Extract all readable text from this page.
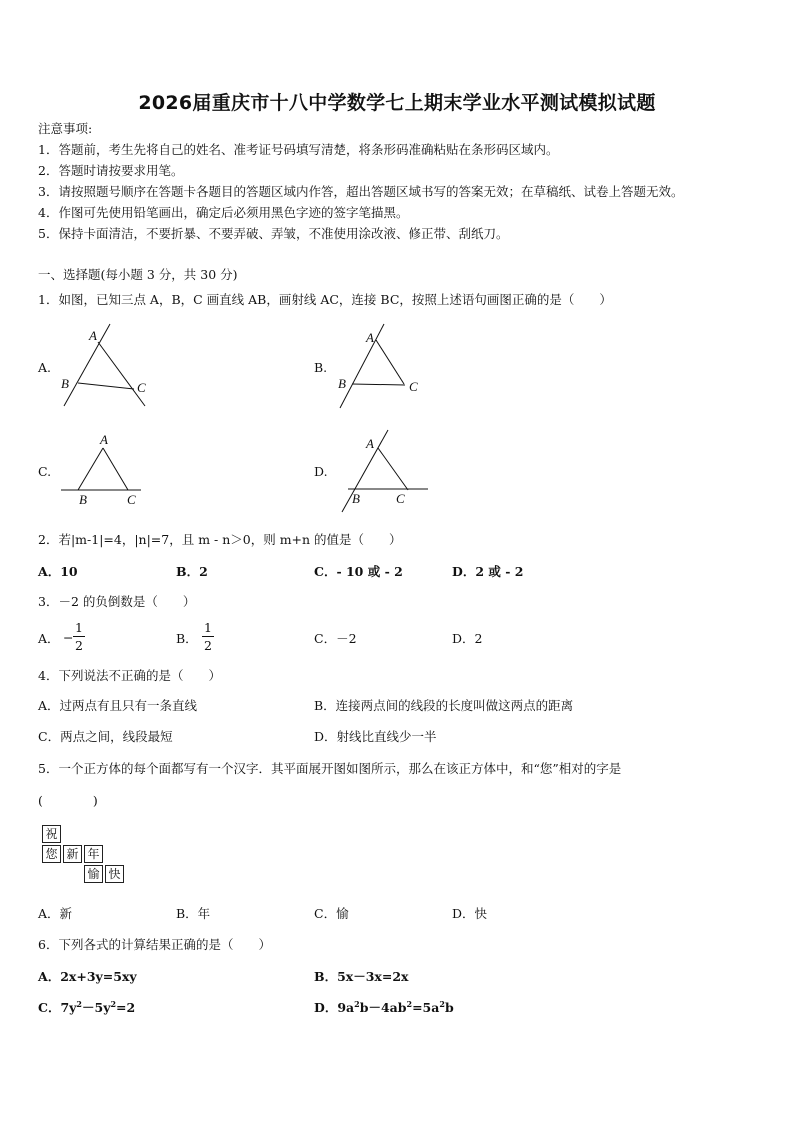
2026届重庆市十八中学数学七上期末学业水平测试模拟试题
注意事项:
1．答题前，考生先将自己的姓名、准考证号码填写清楚，将条形码准确粘贴在条形码区域内。
2．答题时请按要求用笔。
3．请按照题号顺序在答题卡各题目的答题区域内作答，超出答题区域书写的答案无效；在草稿纸、试卷上答题无效。
4．作图可先使用铅笔画出，确定后必须用黑色字迹的签字笔描黑。
5．保持卡面清洁，不要折暴、不要弄破、弄皱，不准使用涂改液、修正带、刮纸刀。
一、选择题(每小题 3 分，共 30 分)
1．如图，已知三点 A，B，C 画直线 AB，画射线 AC，连接 BC，按照上述语句画图正确的是（　　）
A.
A
B	C
B.
A
B	C
C.
A
B	C
D.
A
B	C
2．若|m-1|=4，|n|=7，且 m - n＞0，则 m+n 的值是（　　）
A．10	B．2	C．- 10 或 - 2	D．2 或 - 2
3．－2 的负倒数是（　　）
A． −
1
2	B．
1
2	C．－2	D．2
4．下列说法不正确的是（　　）
A．过两点有且只有一条直线	B．连接两点间的线段的长度叫做这两点的距离
C．两点之间，线段最短	D．射线比直线少一半
5．一个正方体的每个面都写有一个汉字．其平面展开图如图所示，那么在该正方体中，和“您”相对的字是
(　　　　)
祝
您 新 年
愉 快
A．新	B．年	C．愉	D．快
6．下列各式的计算结果正确的是（　　）
A．2x+3y=5xy	B．5x－3x=2x
C．$7y^2-5y^2=2$	D．$9a^2b-4ab^2=5a^2b$
